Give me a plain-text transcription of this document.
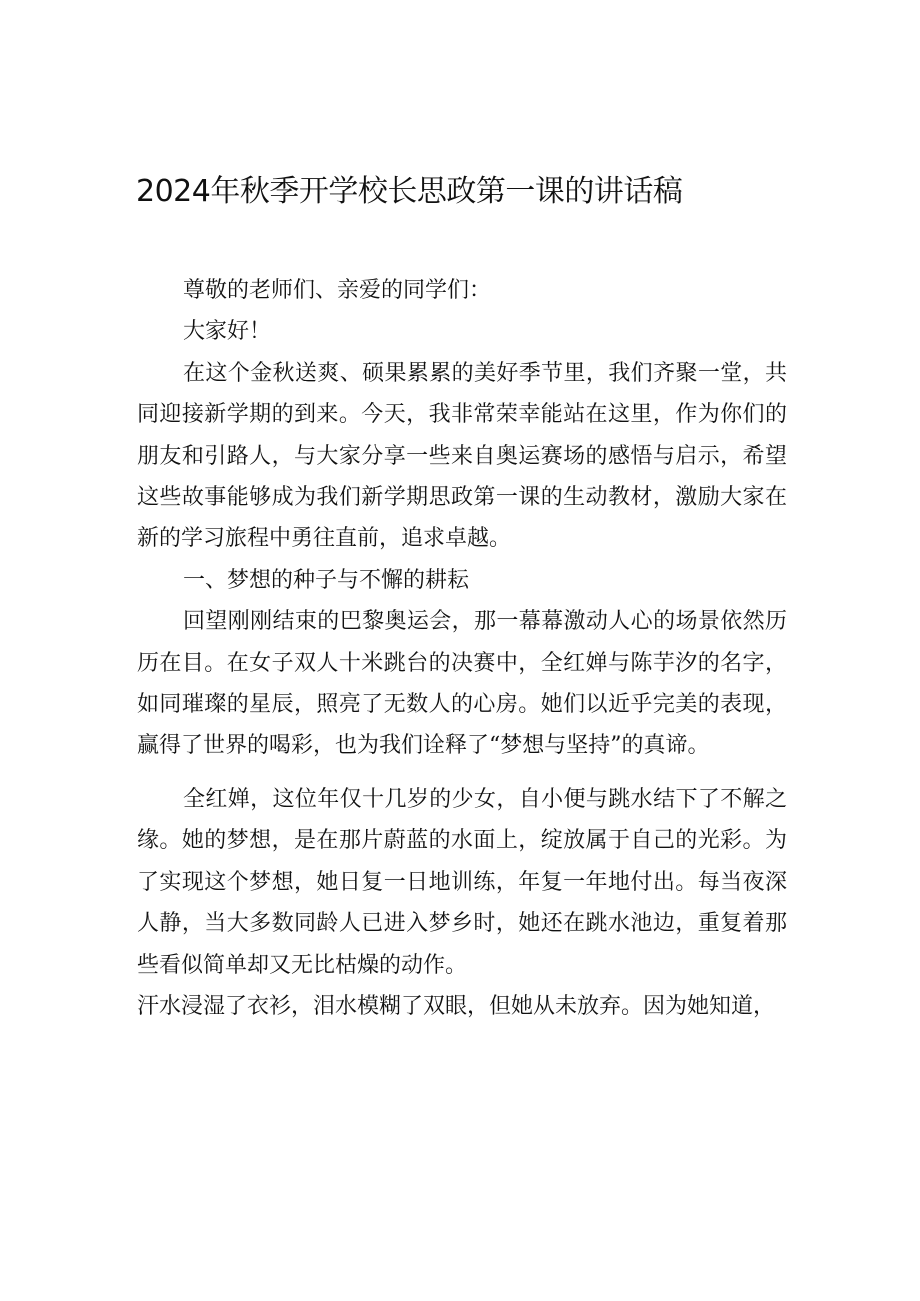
2024年秋季开学校长思政第一课的讲话稿

尊敬的老师们、亲爱的同学们：

大家好！

在这个金秋送爽、硕果累累的美好季节里，我们齐聚一堂，共同迎接新学期的到来。今天，我非常荣幸能站在这里，作为你们的朋友和引路人，与大家分享一些来自奥运赛场的感悟与启示，希望这些故事能够成为我们新学期思政第一课的生动教材，激励大家在新的学习旅程中勇往直前，追求卓越。

一、梦想的种子与不懈的耕耘

回望刚刚结束的巴黎奥运会，那一幕幕激动人心的场景依然历历在目。在女子双人十米跳台的决赛中，全红婵与陈芋汐的名字，如同璀璨的星辰，照亮了无数人的心房。她们以近乎完美的表现，赢得了世界的喝彩，也为我们诠释了“梦想与坚持”的真谛。

全红婵，这位年仅十几岁的少女，自小便与跳水结下了不解之缘。她的梦想，是在那片蔚蓝的水面上，绽放属于自己的光彩。为了实现这个梦想，她日复一日地训练，年复一年地付出。每当夜深人静，当大多数同龄人已进入梦乡时，她还在跳水池边，重复着那些看似简单却又无比枯燥的动作。

汗水浸湿了衣衫，泪水模糊了双眼，但她从未放弃。因为她知道，
